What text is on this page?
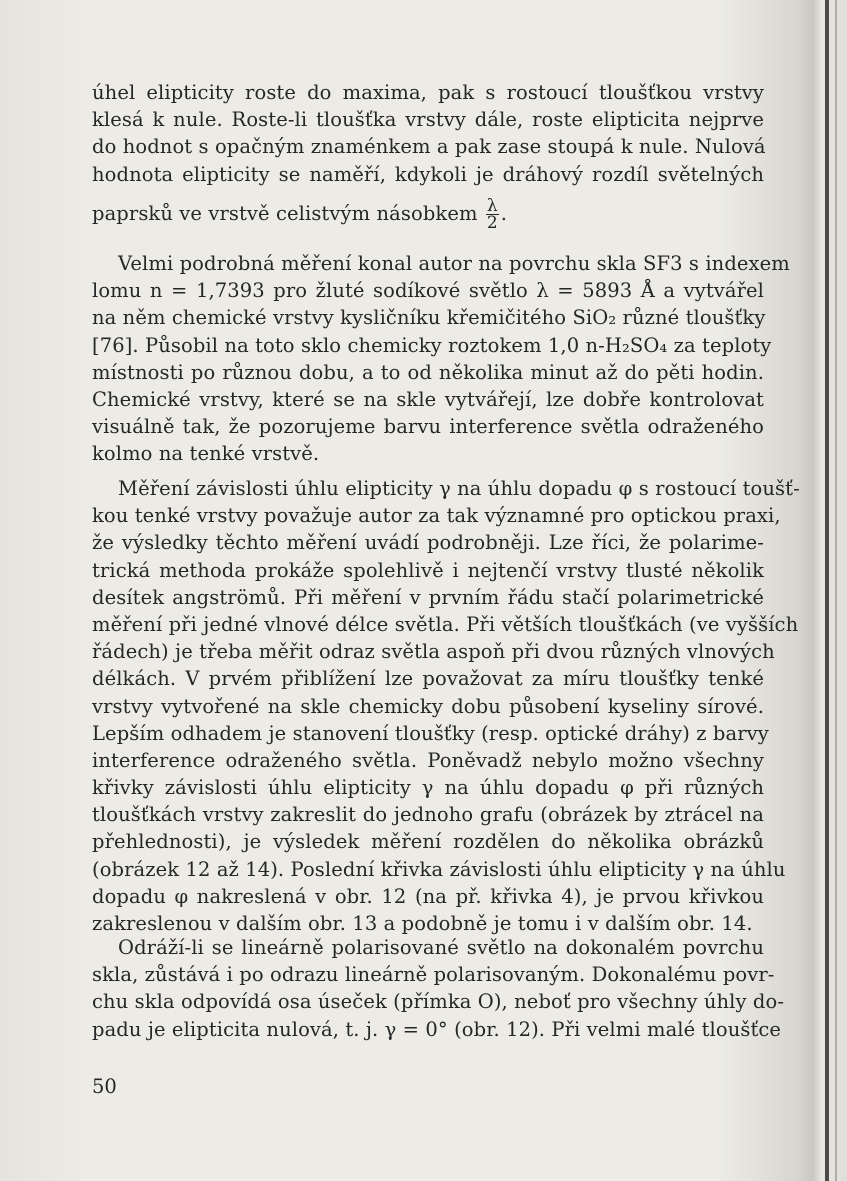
úhel elipticity roste do maxima, pak s rostoucí tloušťkou vrstvy
klesá k nule. Roste-li tloušťka vrstvy dále, roste elipticita nejprve
do hodnot s opačným znaménkem a pak zase stoupá k nule. Nulová
hodnota elipticity se naměří, kdykoli je dráhový rozdíl světelných
paprsků ve vrstvě celistvým násobkem $\frac{\lambda}{2}$ .
Velmi podrobná měření konal autor na povrchu skla SF3 s indexem
lomu n = 1,7393 pro žluté sodíkové světlo λ = 5893 Å a vytvářel
na něm chemické vrstvy kysličníku křemičitého SiO₂ různé tloušťky
[76]. Působil na toto sklo chemicky roztokem 1,0 n-H₂SO₄ za teploty
místnosti po různou dobu, a to od několika minut až do pěti hodin.
Chemické vrstvy, které se na skle vytvářejí, lze dobře kontrolovat
visuálně tak, že pozorujeme barvu interference světla odraženého
kolmo na tenké vrstvě.
Měření závislosti úhlu elipticity γ na úhlu dopadu φ s rostoucí toušť-
kou tenké vrstvy považuje autor za tak významné pro optickou praxi,
že výsledky těchto měření uvádí podrobněji. Lze říci, že polarime-
trická methoda prokáže spolehlivě i nejtenčí vrstvy tlusté několik
desítek angströmů. Při měření v prvním řádu stačí polarimetrické
měření při jedné vlnové délce světla. Při větších tloušťkách (ve vyšších
řádech) je třeba měřit odraz světla aspoň při dvou různých vlnových
délkách. V prvém přiblížení lze považovat za míru tloušťky tenké
vrstvy vytvořené na skle chemicky dobu působení kyseliny sírové.
Lepším odhadem je stanovení tloušťky (resp. optické dráhy) z barvy
interference odraženého světla. Poněvadž nebylo možno všechny
křivky závislosti úhlu elipticity γ na úhlu dopadu φ při různých
tloušťkách vrstvy zakreslit do jednoho grafu (obrázek by ztrácel na
přehlednosti), je výsledek měření rozdělen do několika obrázků
(obrázek 12 až 14). Poslední křivka závislosti úhlu elipticity γ na úhlu
dopadu φ nakreslená v obr. 12 (na př. křivka 4), je prvou křivkou
zakreslenou v dalším obr. 13 a podobně je tomu i v dalším obr. 14.
Odráží-li se lineárně polarisované světlo na dokonalém povrchu
skla, zůstává i po odrazu lineárně polarisovaným. Dokonalému povr-
chu skla odpovídá osa úseček (přímka O), neboť pro všechny úhly do-
padu je elipticita nulová, t. j. γ = 0° (obr. 12). Při velmi malé tloušťce
50
